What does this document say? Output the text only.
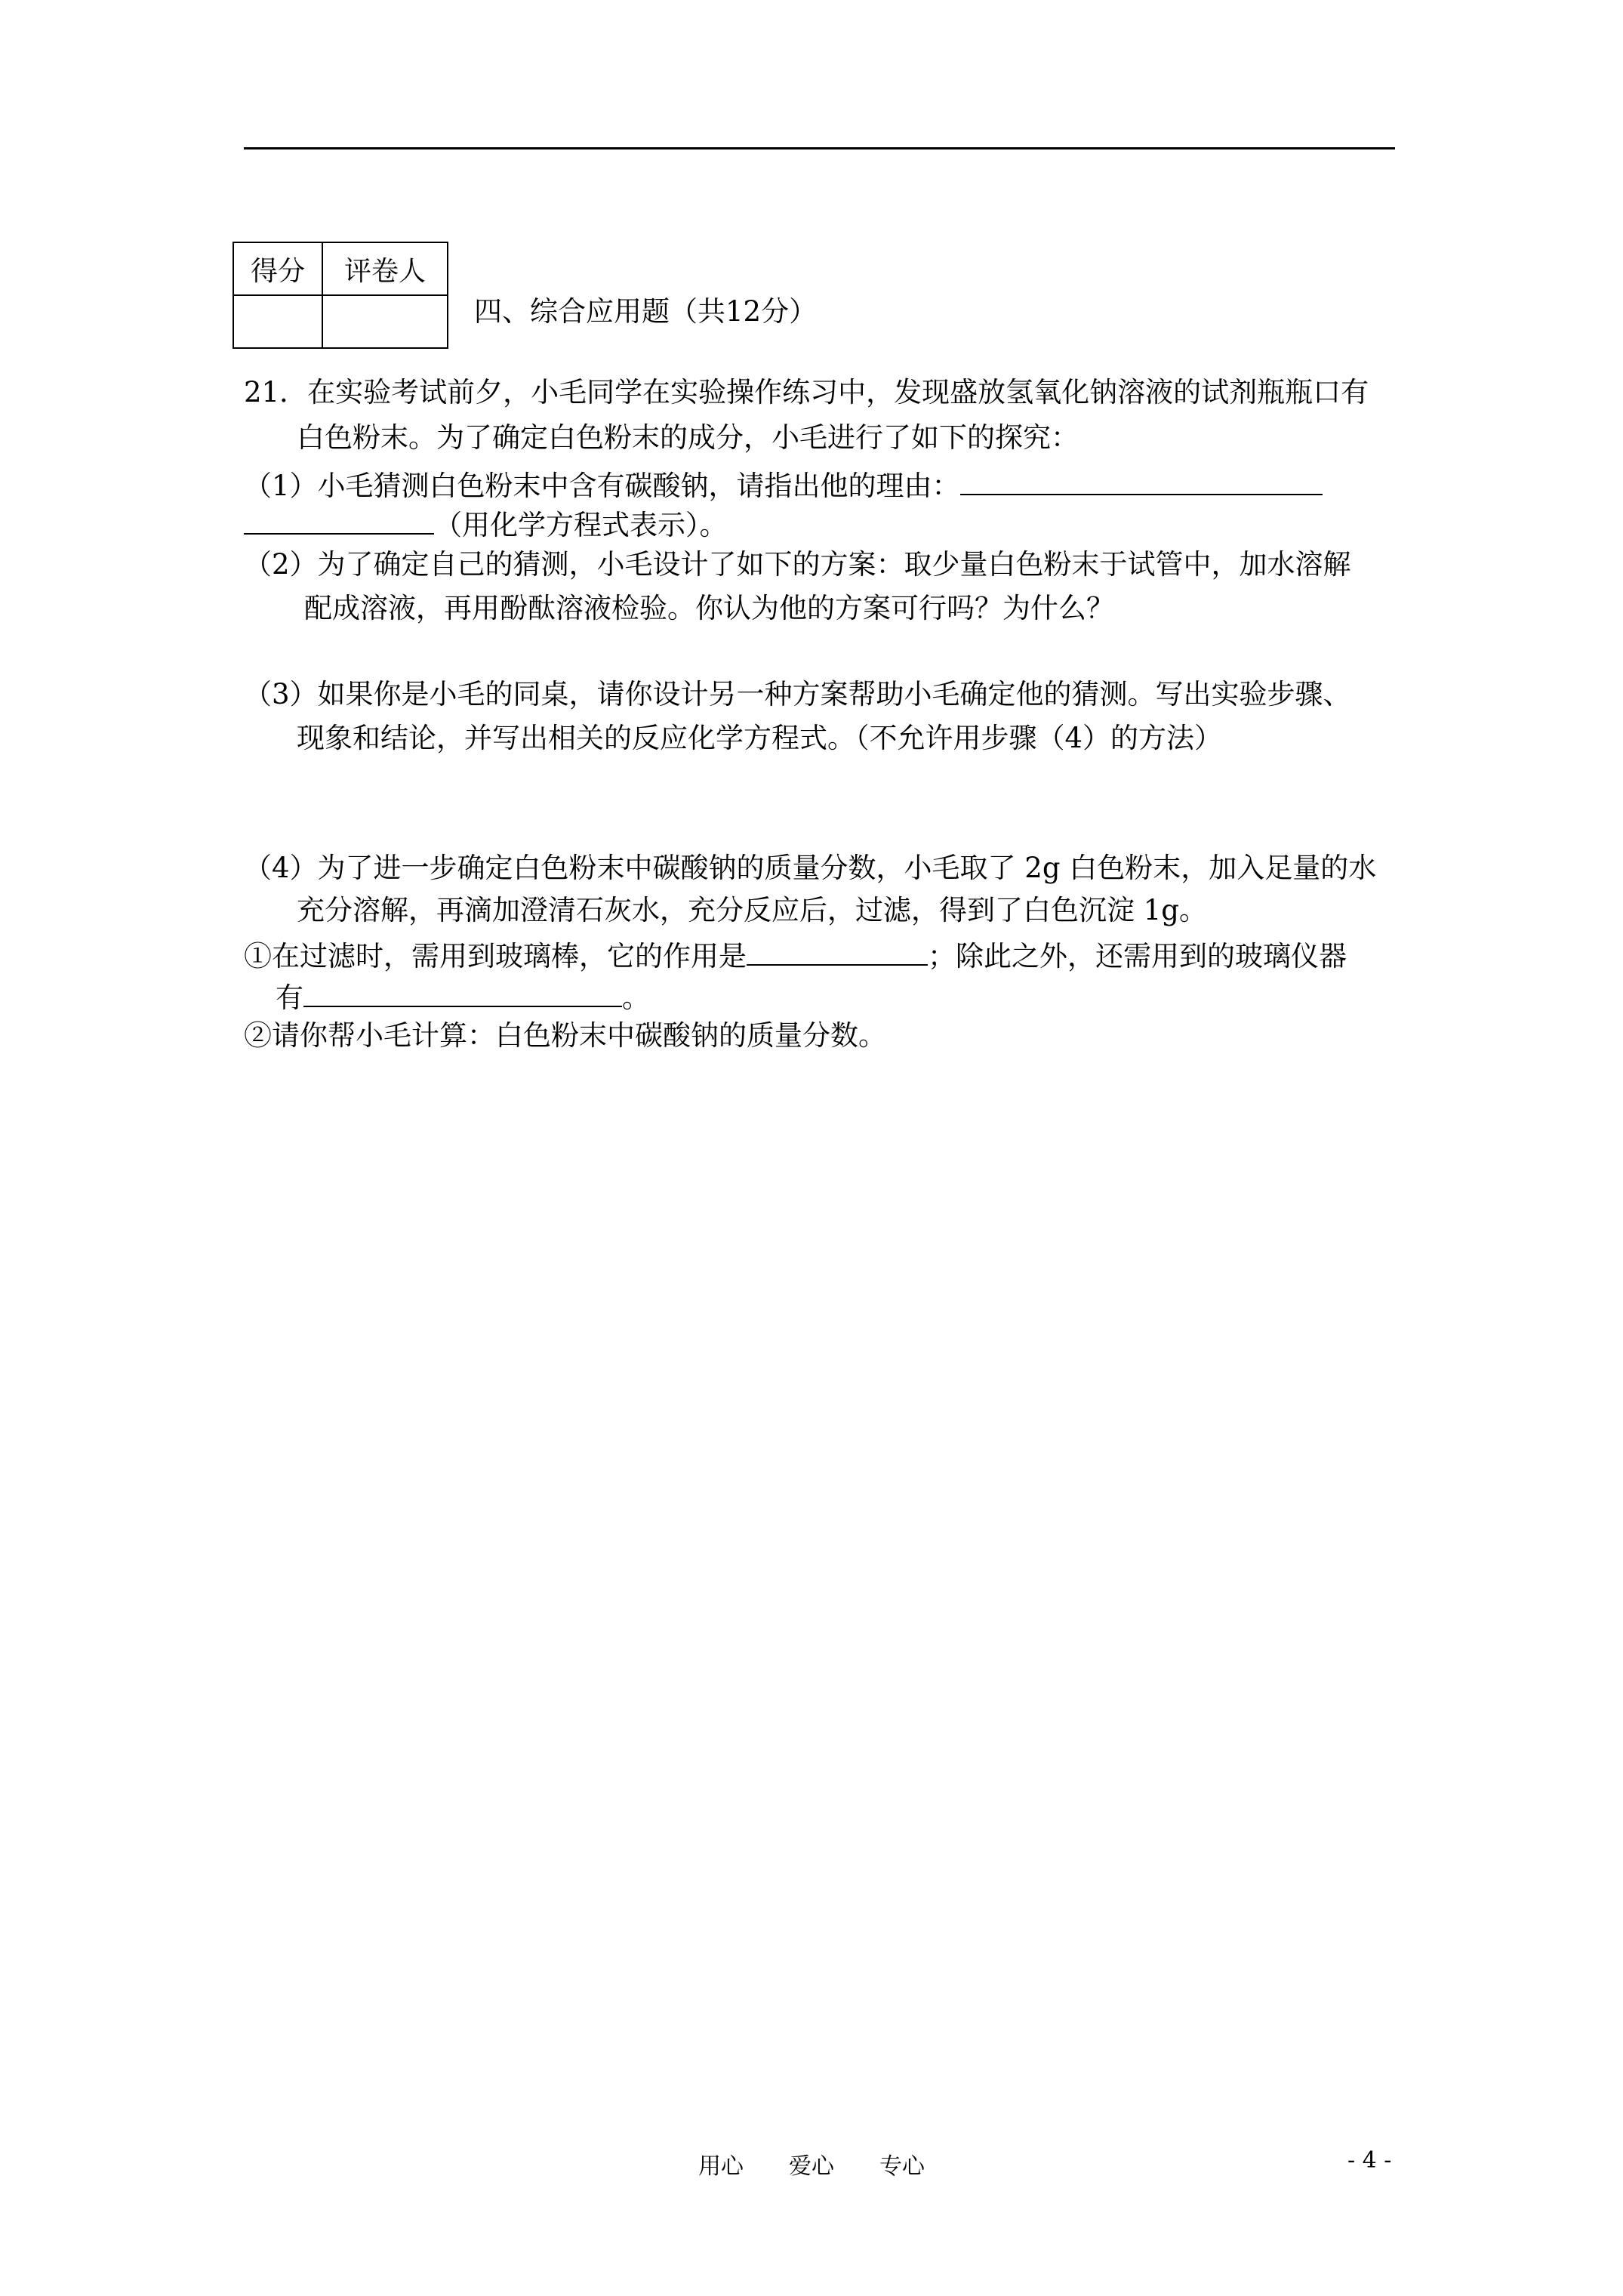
得分	评卷人

四、综合应用题（共12分）
21．在实验考试前夕，小毛同学在实验操作练习中，发现盛放氢氧化钠溶液的试剂瓶瓶口有
白色粉末。为了确定白色粉末的成分，小毛进行了如下的探究：
（1）小毛猜测白色粉末中含有碳酸钠，请指出他的理由：
（用化学方程式表示）。
（2）为了确定自己的猜测，小毛设计了如下的方案：取少量白色粉末于试管中，加水溶解
配成溶液，再用酚酞溶液检验。你认为他的方案可行吗？为什么？
（3）如果你是小毛的同桌，请你设计另一种方案帮助小毛确定他的猜测。写出实验步骤、
现象和结论，并写出相关的反应化学方程式。（不允许用步骤（4）的方法）
（4）为了进一步确定白色粉末中碳酸钠的质量分数，小毛取了 2g 白色粉末，加入足量的水
充分溶解，再滴加澄清石灰水，充分反应后，过滤，得到了白色沉淀 1g。
①在过滤时，需用到玻璃棒，它的作用是	；除此之外，还需用到的玻璃仪器
有	。
②请你帮小毛计算：白色粉末中碳酸钠的质量分数。
用心 爱心 专心	- 4 -
